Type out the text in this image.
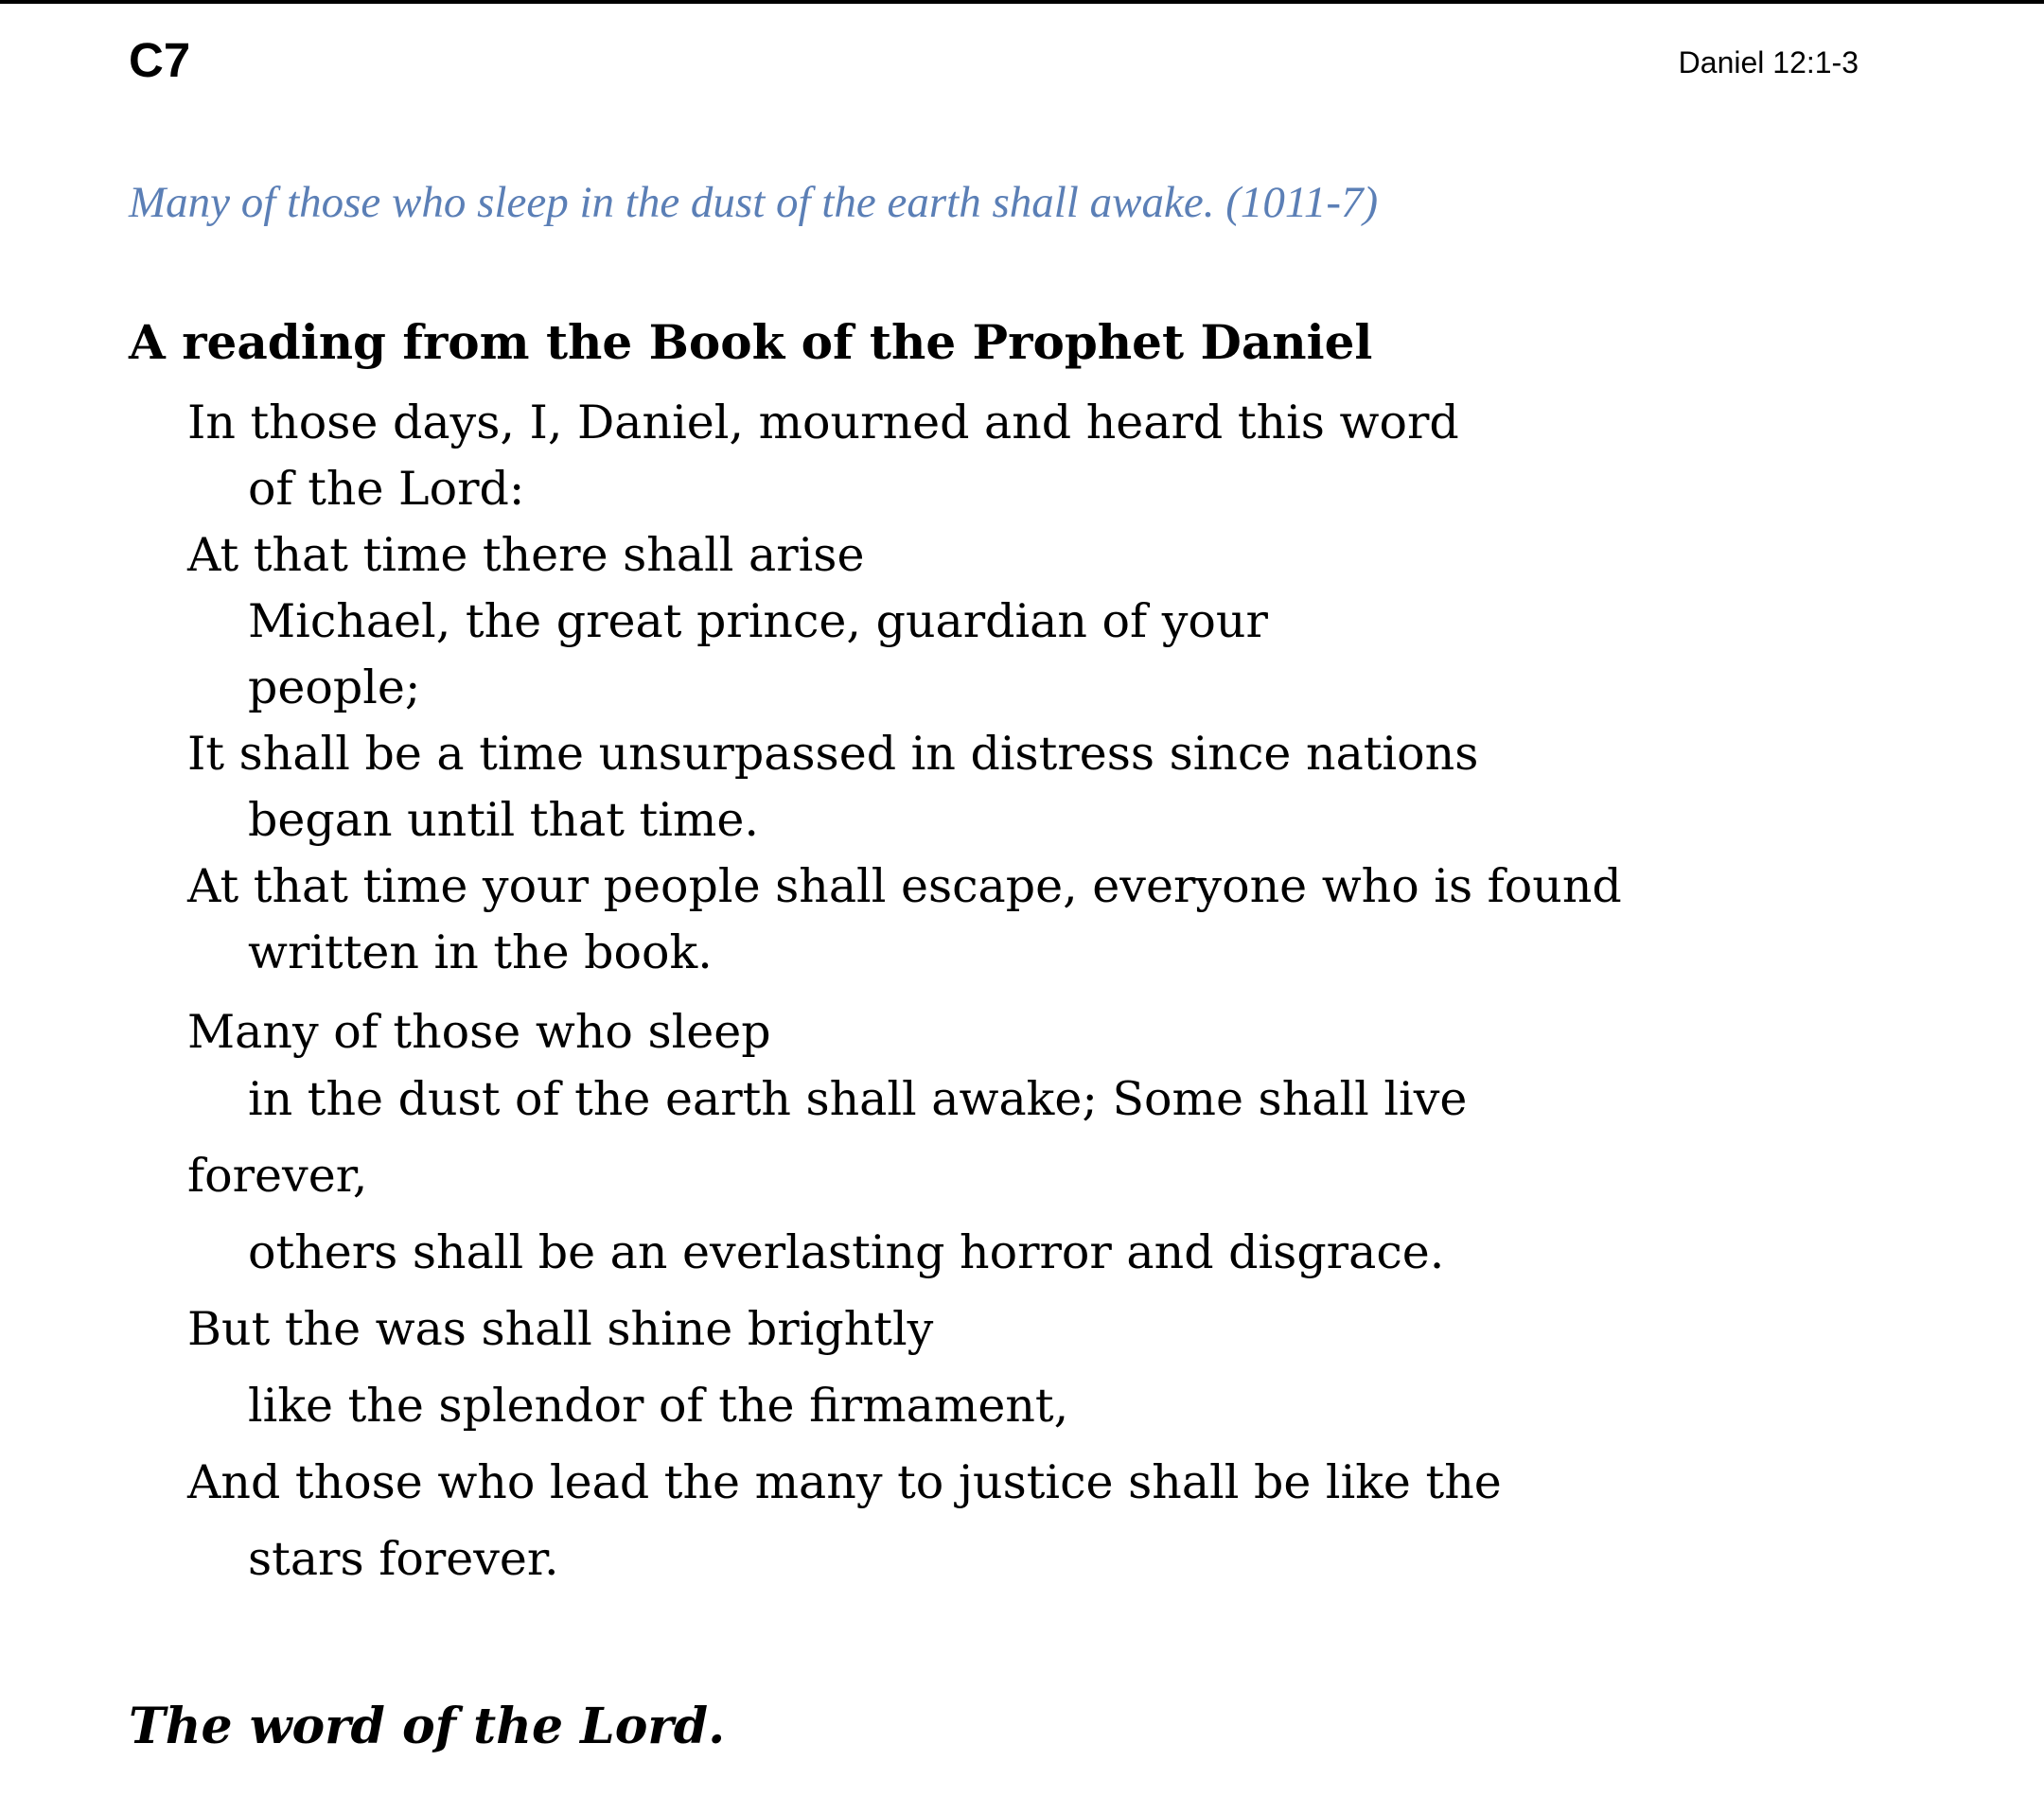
C7	Daniel 12:1-3
Many of those who sleep in the dust of the earth shall awake. (1011-7)
A reading from the Book of the Prophet Daniel
In those days, I, Daniel, mourned and heard this word
of the Lord:
At that time there shall arise
Michael, the great prince, guardian of your
people;
It shall be a time unsurpassed in distress since nations
began until that time.
At that time your people shall escape, everyone who is found
written in the book.
Many of those who sleep
in the dust of the earth shall awake; Some shall live
forever,
others shall be an everlasting horror and disgrace.
But the was shall shine brightly
like the splendor of the firmament,
And those who lead the many to justice shall be like the
stars forever.
The word of the Lord.
